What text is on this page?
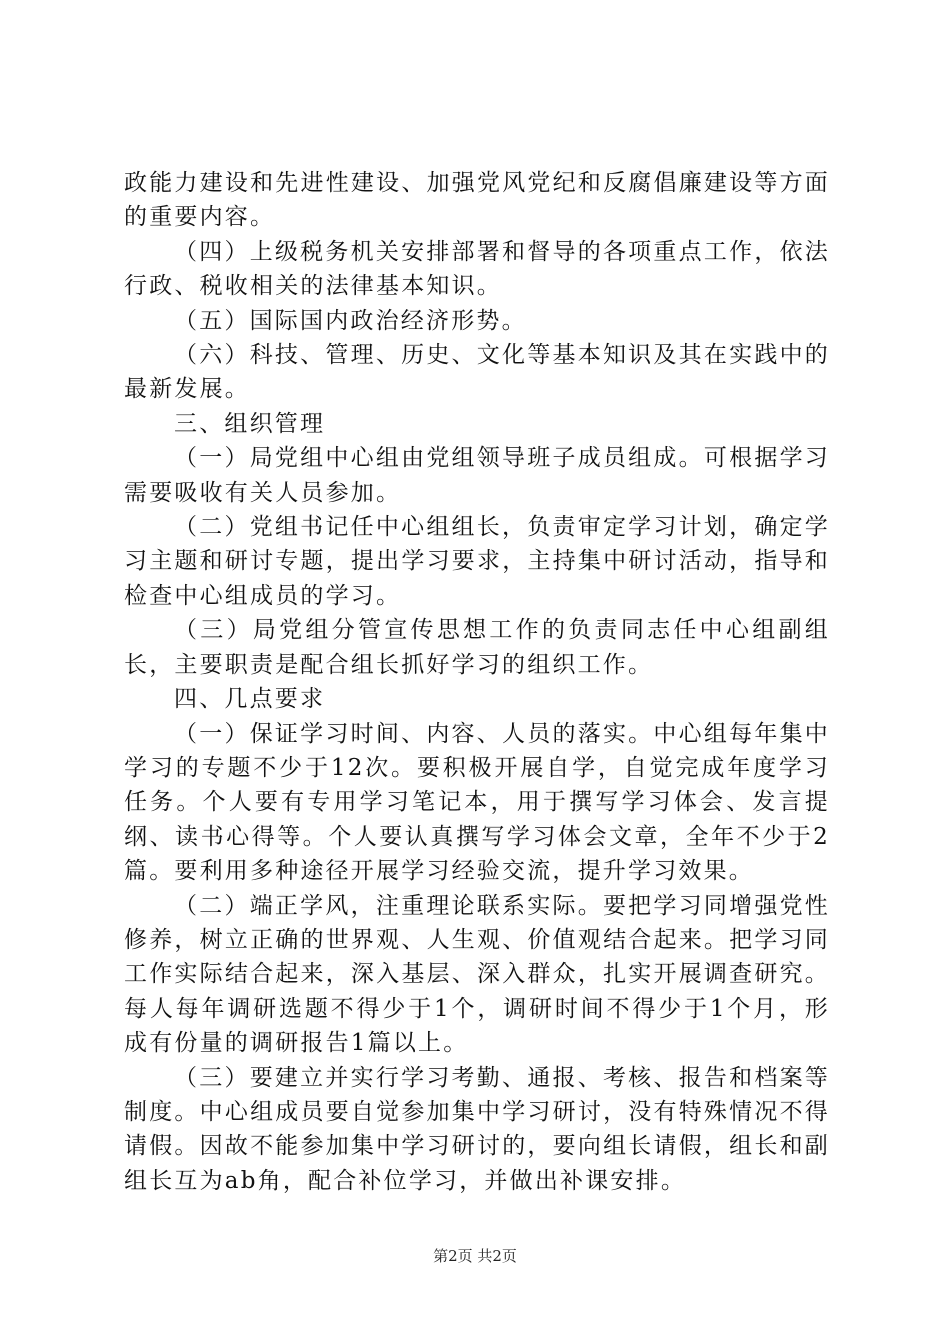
政能力建设和先进性建设、加强党风党纪和反腐倡廉建设等方面的重要内容。

（四）上级税务机关安排部署和督导的各项重点工作，依法行政、税收相关的法律基本知识。

（五）国际国内政治经济形势。

（六）科技、管理、历史、文化等基本知识及其在实践中的最新发展。

三、组织管理

（一）局党组中心组由党组领导班子成员组成。可根据学习需要吸收有关人员参加。

（二）党组书记任中心组组长，负责审定学习计划，确定学习主题和研讨专题，提出学习要求，主持集中研讨活动，指导和检查中心组成员的学习。

（三）局党组分管宣传思想工作的负责同志任中心组副组长，主要职责是配合组长抓好学习的组织工作。

四、几点要求

（一）保证学习时间、内容、人员的落实。中心组每年集中学习的专题不少于12次。要积极开展自学，自觉完成年度学习任务。个人要有专用学习笔记本，用于撰写学习体会、发言提纲、读书心得等。个人要认真撰写学习体会文章，全年不少于2篇。要利用多种途径开展学习经验交流，提升学习效果。

（二）端正学风，注重理论联系实际。要把学习同增强党性修养，树立正确的世界观、人生观、价值观结合起来。把学习同工作实际结合起来，深入基层、深入群众，扎实开展调查研究。每人每年调研选题不得少于1个，调研时间不得少于1个月，形成有份量的调研报告1篇以上。

（三）要建立并实行学习考勤、通报、考核、报告和档案等制度。中心组成员要自觉参加集中学习研讨，没有特殊情况不得请假。因故不能参加集中学习研讨的，要向组长请假，组长和副组长互为ab角，配合补位学习，并做出补课安排。

第2页 共2页
